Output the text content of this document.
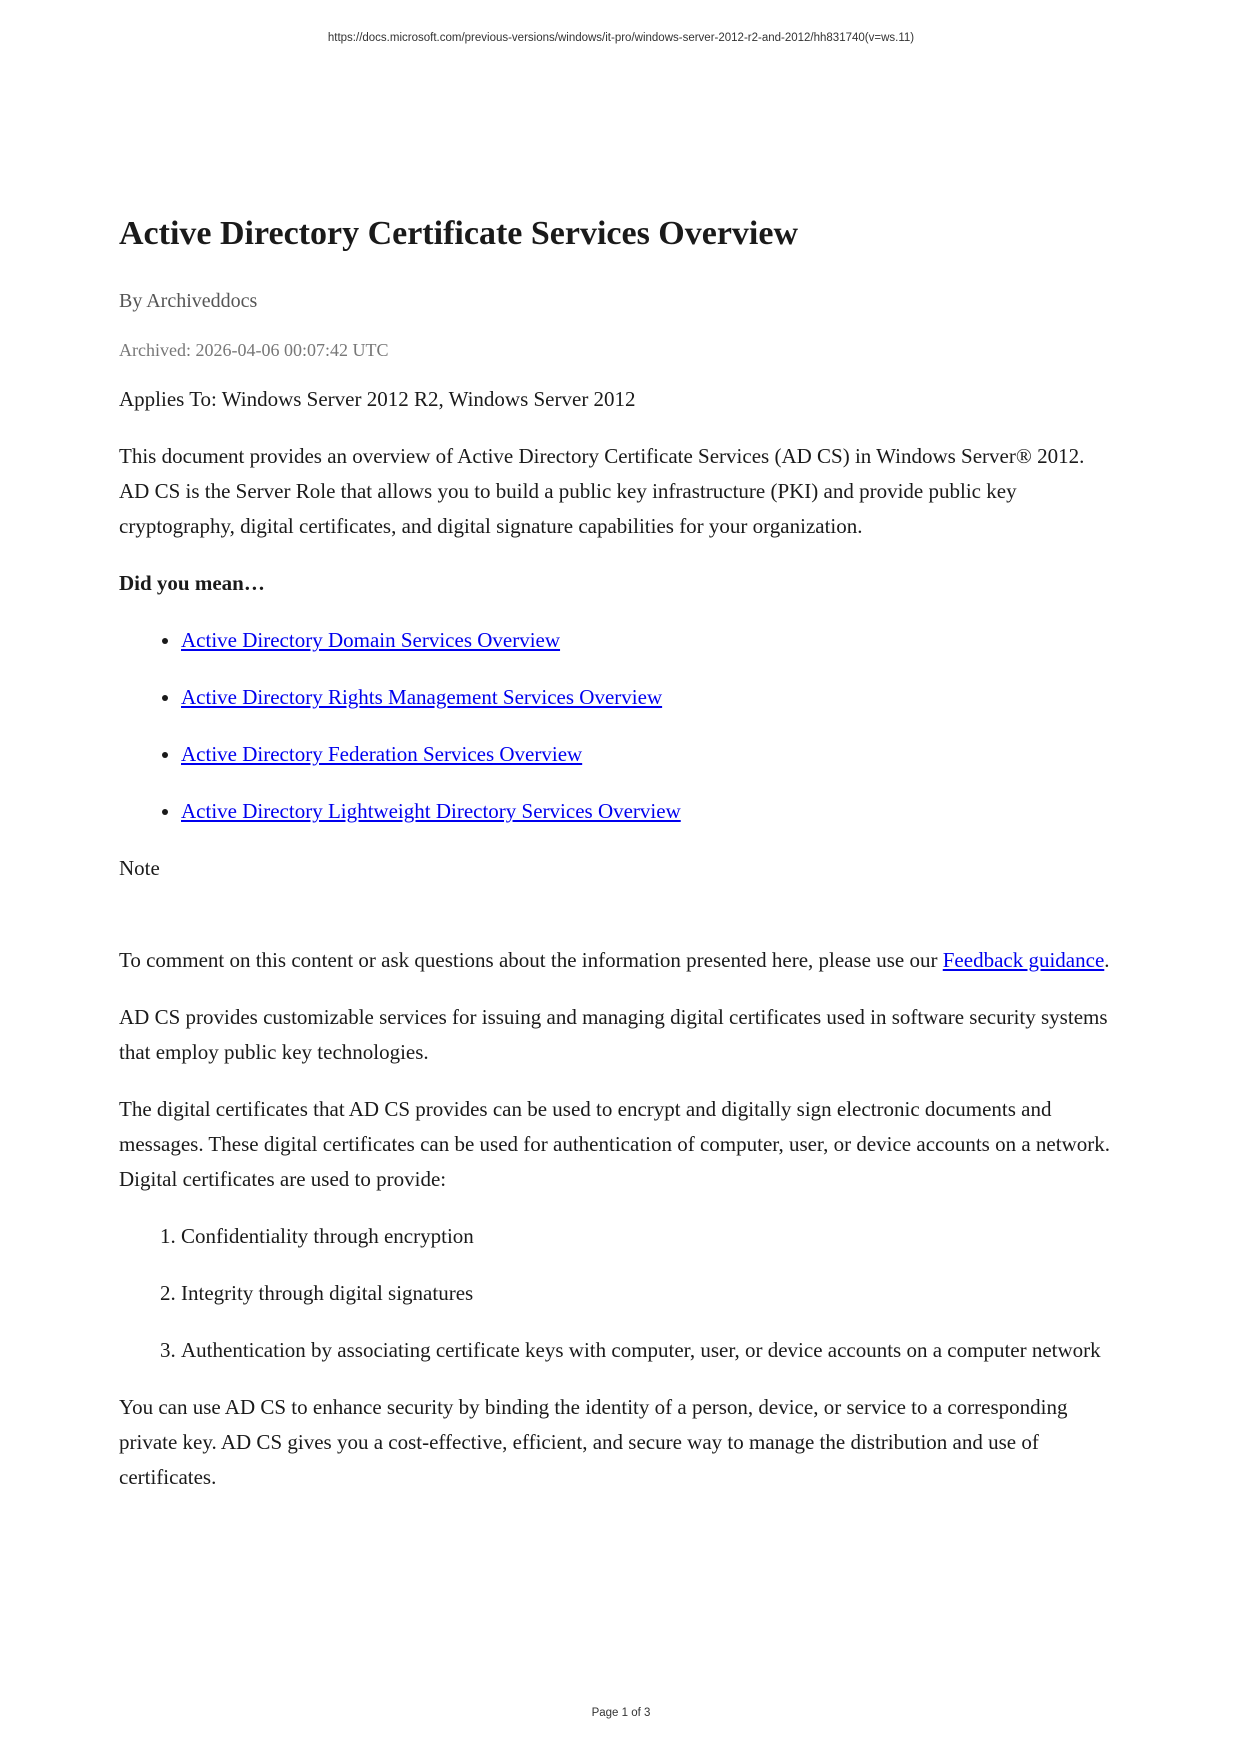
https://docs.microsoft.com/previous-versions/windows/it-pro/windows-server-2012-r2-and-2012/hh831740(v=ws.11)
Active Directory Certificate Services Overview
By Archiveddocs
Archived: 2026-04-06 00:07:42 UTC

Applies To: Windows Server 2012 R2, Windows Server 2012

This document provides an overview of Active Directory Certificate Services (AD CS) in Windows Server® 2012. AD CS is the Server Role that allows you to build a public key infrastructure (PKI) and provide public key cryptography, digital certificates, and digital signature capabilities for your organization.

Did you mean…

• Active Directory Domain Services Overview
• Active Directory Rights Management Services Overview
• Active Directory Federation Services Overview
• Active Directory Lightweight Directory Services Overview

Note

To comment on this content or ask questions about the information presented here, please use our Feedback guidance.

AD CS provides customizable services for issuing and managing digital certificates used in software security systems that employ public key technologies.

The digital certificates that AD CS provides can be used to encrypt and digitally sign electronic documents and messages. These digital certificates can be used for authentication of computer, user, or device accounts on a network. Digital certificates are used to provide:

1. Confidentiality through encryption
2. Integrity through digital signatures
3. Authentication by associating certificate keys with computer, user, or device accounts on a computer network

You can use AD CS to enhance security by binding the identity of a person, device, or service to a corresponding private key. AD CS gives you a cost-effective, efficient, and secure way to manage the distribution and use of certificates.

Page 1 of 3
